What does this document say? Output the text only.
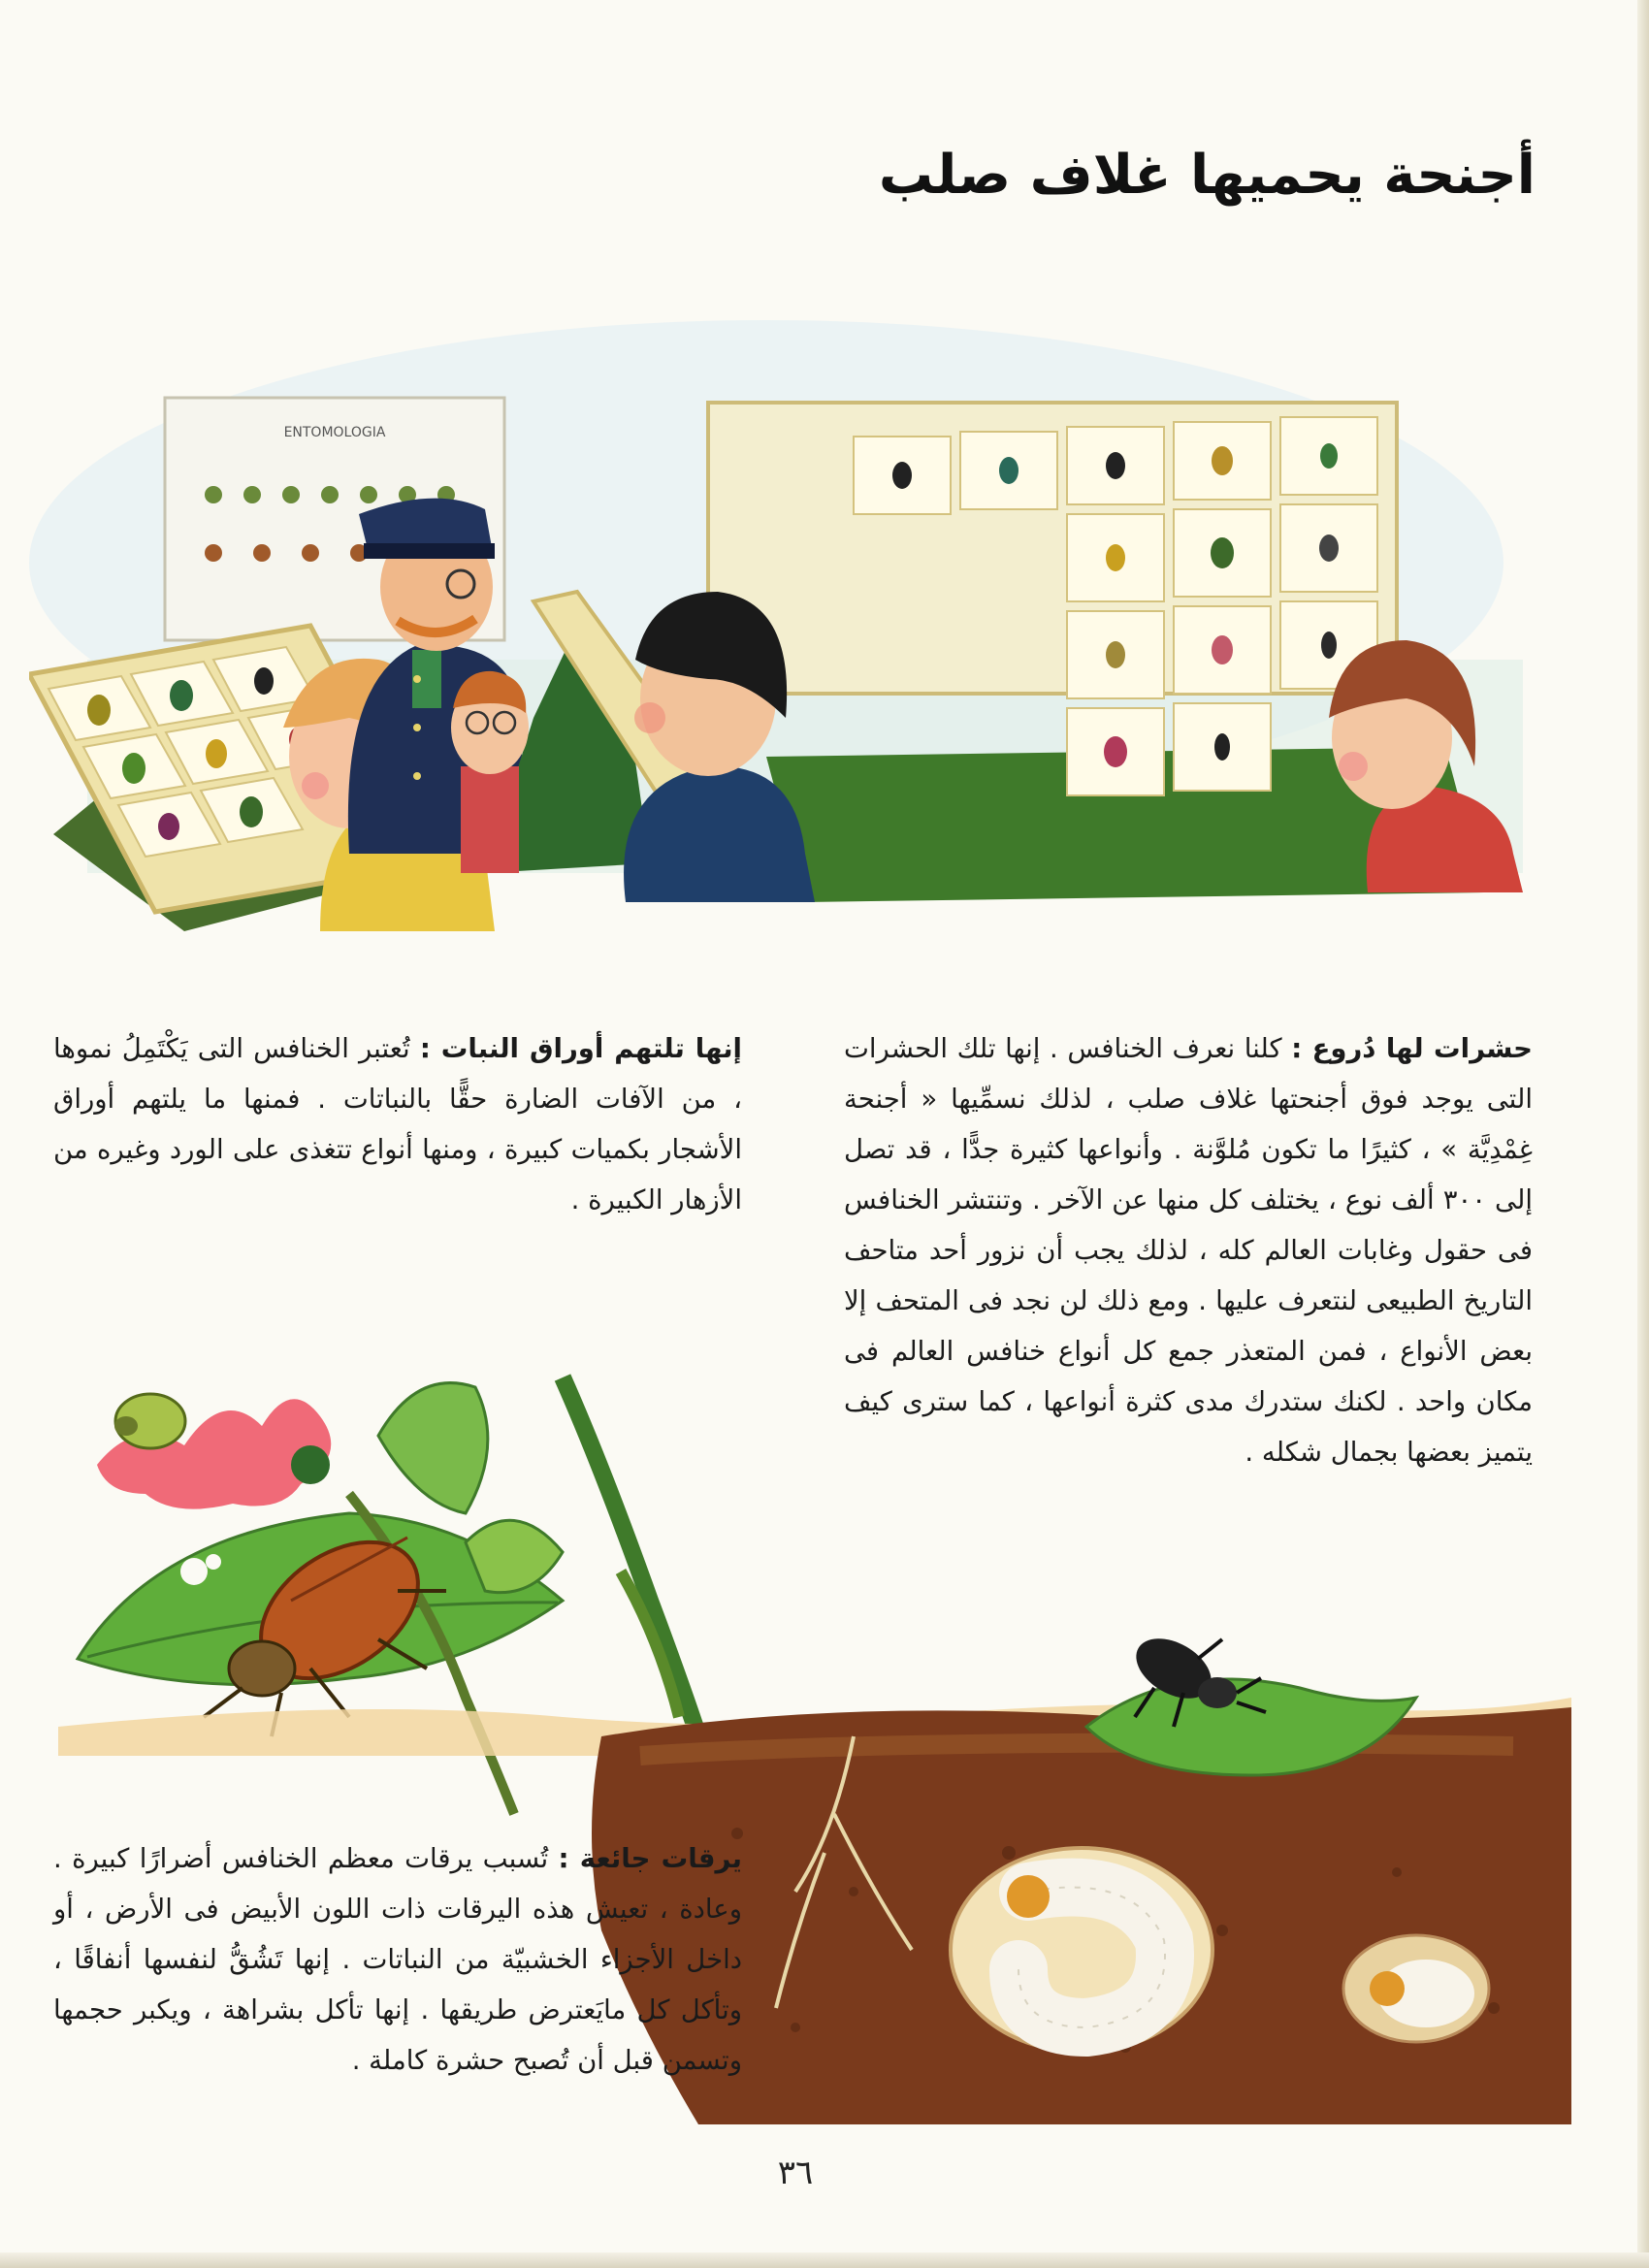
أجنحة يحميها غلاف صلب
ENTOMOLOGIA

حشرات لها دُروع : كلنا نعرف الخنافس . إنها تلك الحشرات التى يوجد فوق أجنحتها غلاف صلب ، لذلك نسمِّيها « أجنحة غِمْدِيَّة » ، كثيرًا ما تكون مُلوَّنة . وأنواعها كثيرة جدًّا ، قد تصل إلى ٣٠٠ ألف نوع ، يختلف كل منها عن الآخر . وتنتشر الخنافس فى حقول وغابات العالم كله ، لذلك يجب أن نزور أحد متاحف التاريخ الطبيعى لنتعرف عليها . ومع ذلك لن نجد فى المتحف إلا بعض الأنواع ، فمن المتعذر جمع كل أنواع خنافس العالم فى مكان واحد . لكنك ستدرك مدى كثرة أنواعها ، كما سترى كيف يتميز بعضها بجمال شكله .

إنها تلتهم أوراق النبات : تُعتبر الخنافس التى يَكْتَمِلُ نموها ، من الآفات الضارة حقًّا بالنباتات . فمنها ما يلتهم أوراق الأشجار بكميات كبيرة ، ومنها أنواع تتغذى على الورد وغيره من الأزهار الكبيرة .

يرقات جائعة : تُسبب يرقات معظم الخنافس أضرارًا كبيرة . وعادة ، تعيش هذه اليرقات ذات اللون الأبيض فى الأرض ، أو داخل الأجزاء الخشبيّة من النباتات . إنها تَشُقُّ لنفسها أنفاقًا ، وتأكل كل مايَعترض طريقها . إنها تأكل بشراهة ، ويكبر حجمها وتسمن قبل أن تُصبح حشرة كاملة .

٣٦
